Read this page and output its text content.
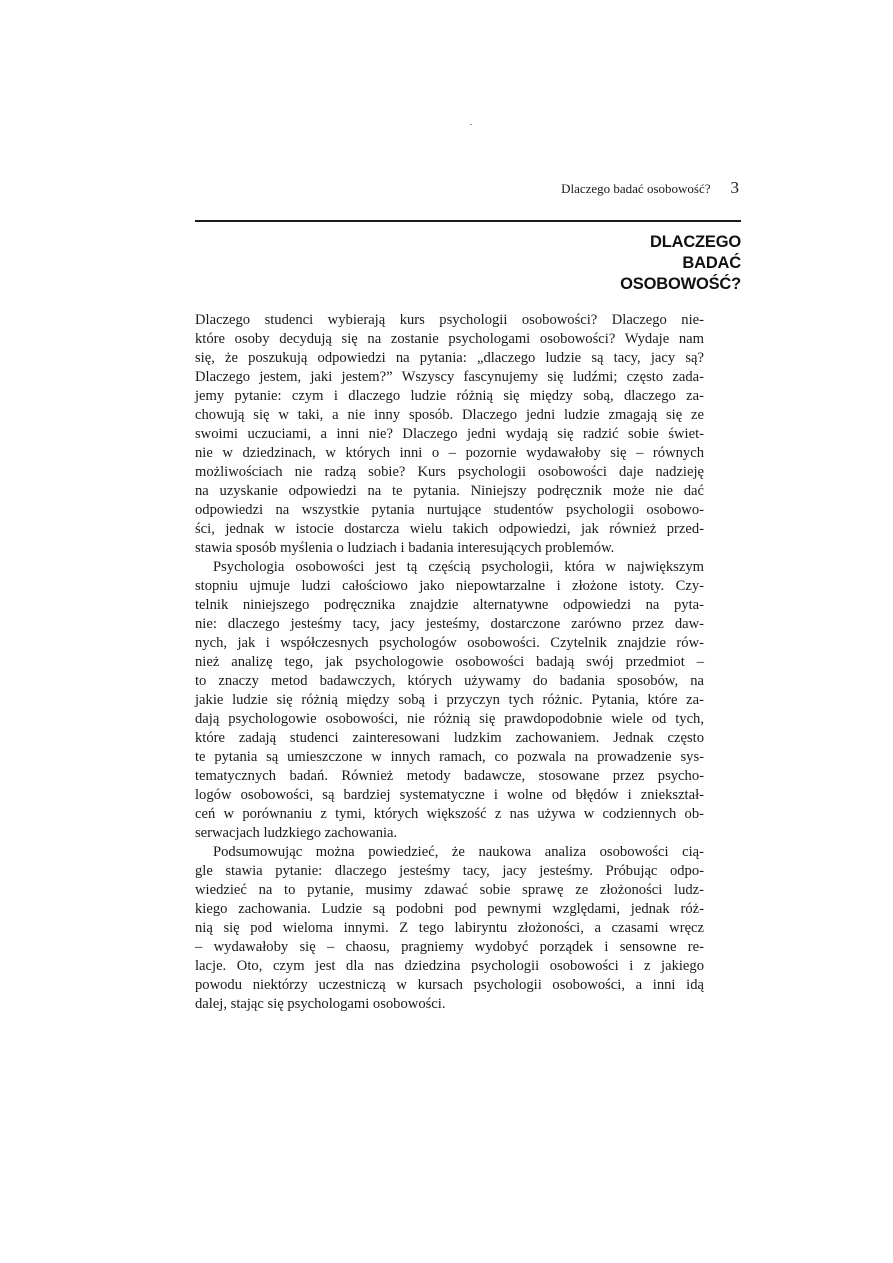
Dlaczego badać osobowość? 3
DLACZEGO
BADAĆ
OSOBOWOŚĆ?

Dlaczego studenci wybierają kurs psychologii osobowości? Dlaczego nie-
które osoby decydują się na zostanie psychologami osobowości? Wydaje nam
się, że poszukują odpowiedzi na pytania: „dlaczego ludzie są tacy, jacy są?
Dlaczego jestem, jaki jestem?” Wszyscy fascynujemy się ludźmi; często zada-
jemy pytanie: czym i dlaczego ludzie różnią się między sobą, dlaczego za-
chowują się w taki, a nie inny sposób. Dlaczego jedni ludzie zmagają się ze
swoimi uczuciami, a inni nie? Dlaczego jedni wydają się radzić sobie świet-
nie w dziedzinach, w których inni o – pozornie wydawałoby się – równych
możliwościach nie radzą sobie? Kurs psychologii osobowości daje nadzieję
na uzyskanie odpowiedzi na te pytania. Niniejszy podręcznik może nie dać
odpowiedzi na wszystkie pytania nurtujące studentów psychologii osobowo-
ści, jednak w istocie dostarcza wielu takich odpowiedzi, jak również przed-
stawia sposób myślenia o ludziach i badania interesujących problemów.

Psychologia osobowości jest tą częścią psychologii, która w największym
stopniu ujmuje ludzi całościowo jako niepowtarzalne i złożone istoty. Czy-
telnik niniejszego podręcznika znajdzie alternatywne odpowiedzi na pyta-
nie: dlaczego jesteśmy tacy, jacy jesteśmy, dostarczone zarówno przez daw-
nych, jak i współczesnych psychologów osobowości. Czytelnik znajdzie rów-
nież analizę tego, jak psychologowie osobowości badają swój przedmiot –
to znaczy metod badawczych, których używamy do badania sposobów, na
jakie ludzie się różnią między sobą i przyczyn tych różnic. Pytania, które za-
dają psychologowie osobowości, nie różnią się prawdopodobnie wiele od tych,
które zadają studenci zainteresowani ludzkim zachowaniem. Jednak często
te pytania są umieszczone w innych ramach, co pozwala na prowadzenie sys-
tematycznych badań. Również metody badawcze, stosowane przez psycho-
logów osobowości, są bardziej systematyczne i wolne od błędów i zniekształ-
ceń w porównaniu z tymi, których większość z nas używa w codziennych ob-
serwacjach ludzkiego zachowania.

Podsumowując można powiedzieć, że naukowa analiza osobowości cią-
gle stawia pytanie: dlaczego jesteśmy tacy, jacy jesteśmy. Próbując odpo-
wiedzieć na to pytanie, musimy zdawać sobie sprawę ze złożoności ludz-
kiego zachowania. Ludzie są podobni pod pewnymi względami, jednak róż-
nią się pod wieloma innymi. Z tego labiryntu złożoności, a czasami wręcz
– wydawałoby się – chaosu, pragniemy wydobyć porządek i sensowne re-
lacje. Oto, czym jest dla nas dziedzina psychologii osobowości i z jakiego
powodu niektórzy uczestniczą w kursach psychologii osobowości, a inni idą
dalej, stając się psychologami osobowości.
